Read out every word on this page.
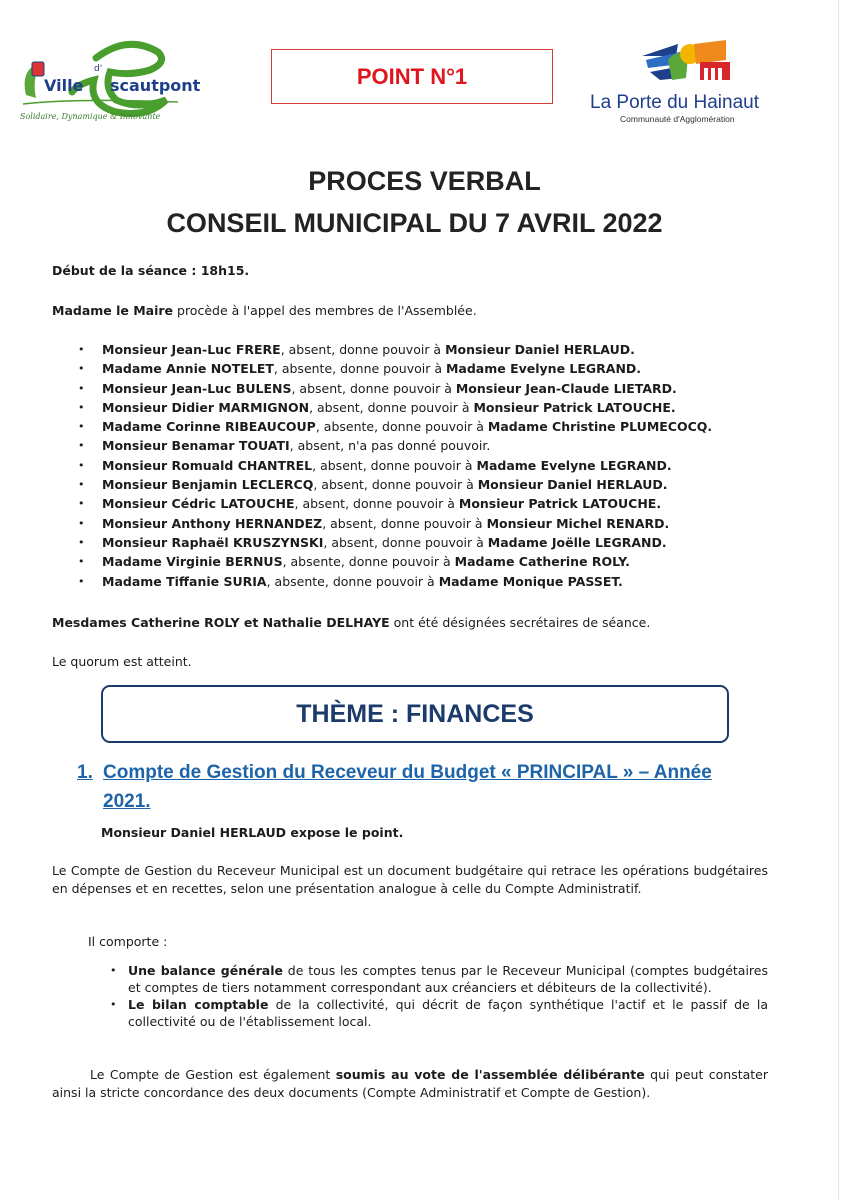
d'
Ville scautpont
Solidaire, Dynamique & Innovante
POINT N°1
La Porte du Hainaut
Communauté d'Agglomération
PROCES VERBAL
CONSEIL MUNICIPAL DU 7 AVRIL 2022
Début de la séance : 18h15.
Madame le Maire procède à l'appel des membres de l'Assemblée.
• Monsieur Jean-Luc FRERE, absent, donne pouvoir à Monsieur Daniel HERLAUD.
• Madame Annie NOTELET, absente, donne pouvoir à Madame Evelyne LEGRAND.
• Monsieur Jean-Luc BULENS, absent, donne pouvoir à Monsieur Jean-Claude LIETARD.
• Monsieur Didier MARMIGNON, absent, donne pouvoir à Monsieur Patrick LATOUCHE.
• Madame Corinne RIBEAUCOUP, absente, donne pouvoir à Madame Christine PLUMECOCQ.
• Monsieur Benamar TOUATI, absent, n'a pas donné pouvoir.
• Monsieur Romuald CHANTREL, absent, donne pouvoir à Madame Evelyne LEGRAND.
• Monsieur Benjamin LECLERCQ, absent, donne pouvoir à Monsieur Daniel HERLAUD.
• Monsieur Cédric LATOUCHE, absent, donne pouvoir à Monsieur Patrick LATOUCHE.
• Monsieur Anthony HERNANDEZ, absent, donne pouvoir à Monsieur Michel RENARD.
• Monsieur Raphaël KRUSZYNSKI, absent, donne pouvoir à Madame Joëlle LEGRAND.
• Madame Virginie BERNUS, absente, donne pouvoir à Madame Catherine ROLY.
• Madame Tiffanie SURIA, absente, donne pouvoir à Madame Monique PASSET.
Mesdames Catherine ROLY et Nathalie DELHAYE ont été désignées secrétaires de séance.
Le quorum est atteint.
THÈME : FINANCES
1. Compte de Gestion du Receveur du Budget « PRINCIPAL » – Année
2021.
Monsieur Daniel HERLAUD expose le point.
Le Compte de Gestion du Receveur Municipal est un document budgétaire qui retrace les opérations budgétaires en dépenses et en recettes, selon une présentation analogue à celle du Compte Administratif.
Il comporte :
• Une balance générale de tous les comptes tenus par le Receveur Municipal (comptes budgétaires et comptes de tiers notamment correspondant aux créanciers et débiteurs de la collectivité).
• Le bilan comptable de la collectivité, qui décrit de façon synthétique l'actif et le passif de la collectivité ou de l'établissement local.
Le Compte de Gestion est également soumis au vote de l'assemblée délibérante qui peut constater ainsi la stricte concordance des deux documents (Compte Administratif et Compte de Gestion).
